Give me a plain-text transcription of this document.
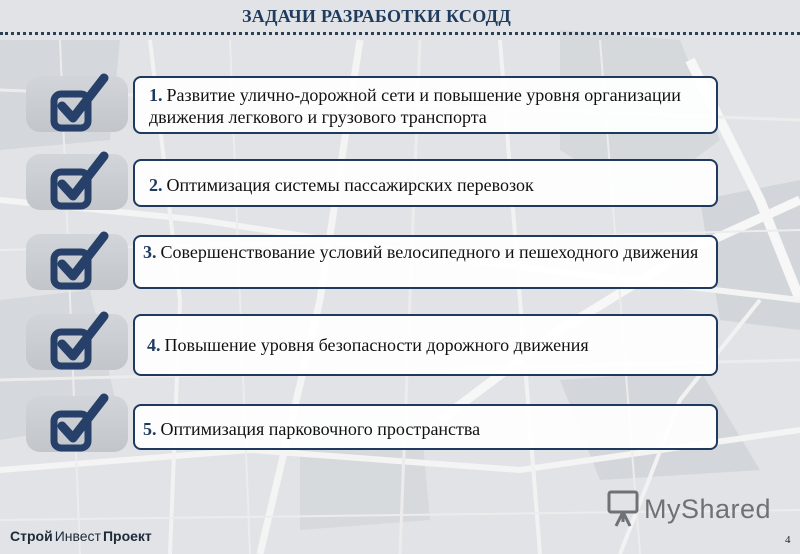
ЗАДАЧИ РАЗРАБОТКИ КСОДД
1. Развитие улично-дорожной сети и повышение уровня организации движения легкового и грузового транспорта
2. Оптимизация системы пассажирских перевозок
3. Совершенствование условий велосипедного и пешеходного движения
4. Повышение уровня безопасности дорожного движения
5. Оптимизация парковочного пространства
MyShared
Строй Инвест Проект	4
